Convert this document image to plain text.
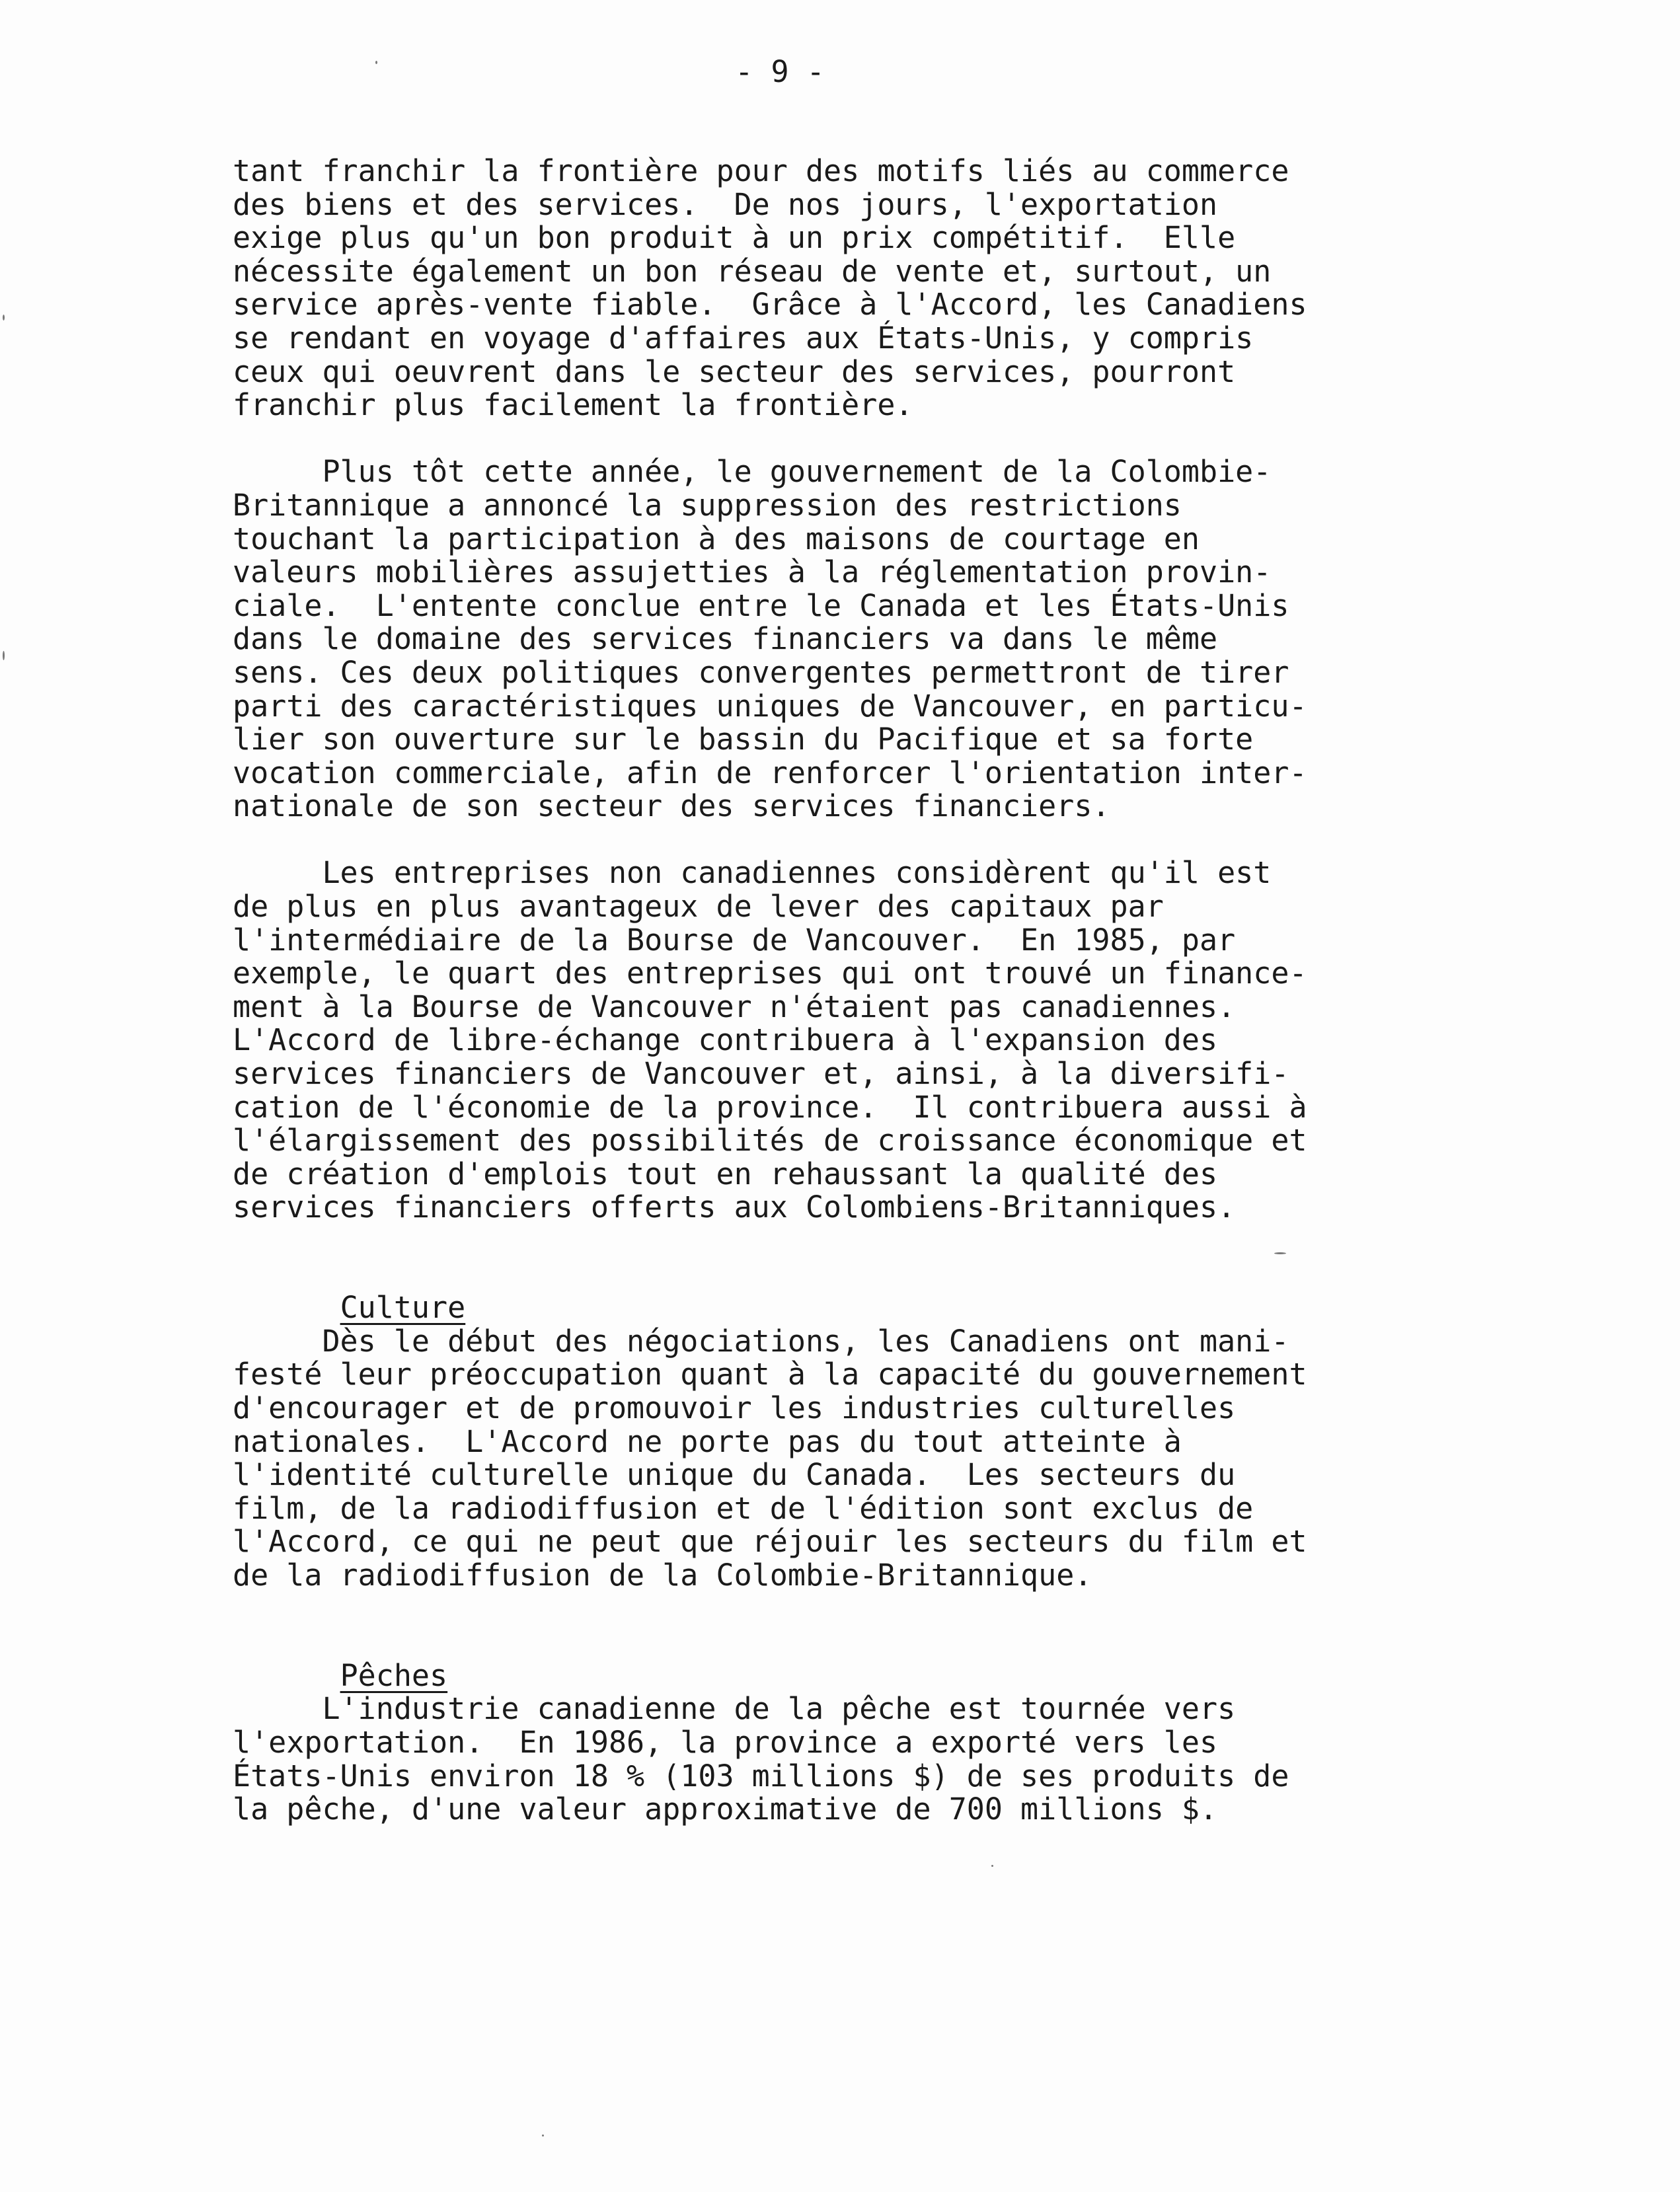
- 9 -
tant franchir la frontière pour des motifs liés au commerce
des biens et des services.  De nos jours, l'exportation
exige plus qu'un bon produit à un prix compétitif.  Elle
nécessite également un bon réseau de vente et, surtout, un
service après-vente fiable.  Grâce à l'Accord, les Canadiens
se rendant en voyage d'affaires aux États-Unis, y compris
ceux qui oeuvrent dans le secteur des services, pourront
franchir plus facilement la frontière.
Plus tôt cette année, le gouvernement de la Colombie-
Britannique a annoncé la suppression des restrictions
touchant la participation à des maisons de courtage en
valeurs mobilières assujetties à la réglementation provin-
ciale.  L'entente conclue entre le Canada et les États-Unis
dans le domaine des services financiers va dans le même
sens. Ces deux politiques convergentes permettront de tirer
parti des caractéristiques uniques de Vancouver, en particu-
lier son ouverture sur le bassin du Pacifique et sa forte
vocation commerciale, afin de renforcer l'orientation inter-
nationale de son secteur des services financiers.
Les entreprises non canadiennes considèrent qu'il est
de plus en plus avantageux de lever des capitaux par
l'intermédiaire de la Bourse de Vancouver.  En 1985, par
exemple, le quart des entreprises qui ont trouvé un finance-
ment à la Bourse de Vancouver n'étaient pas canadiennes.
L'Accord de libre-échange contribuera à l'expansion des
services financiers de Vancouver et, ainsi, à la diversifi-
cation de l'économie de la province.  Il contribuera aussi à
l'élargissement des possibilités de croissance économique et
de création d'emplois tout en rehaussant la qualité des
services financiers offerts aux Colombiens-Britanniques.

Culture

Dès le début des négociations, les Canadiens ont mani-
festé leur préoccupation quant à la capacité du gouvernement
d'encourager et de promouvoir les industries culturelles
nationales.  L'Accord ne porte pas du tout atteinte à
l'identité culturelle unique du Canada.  Les secteurs du
film, de la radiodiffusion et de l'édition sont exclus de
l'Accord, ce qui ne peut que réjouir les secteurs du film et
de la radiodiffusion de la Colombie-Britannique.

Pêches

L'industrie canadienne de la pêche est tournée vers
l'exportation.  En 1986, la province a exporté vers les
États-Unis environ 18 % (103 millions $) de ses produits de
la pêche, d'une valeur approximative de 700 millions $.
